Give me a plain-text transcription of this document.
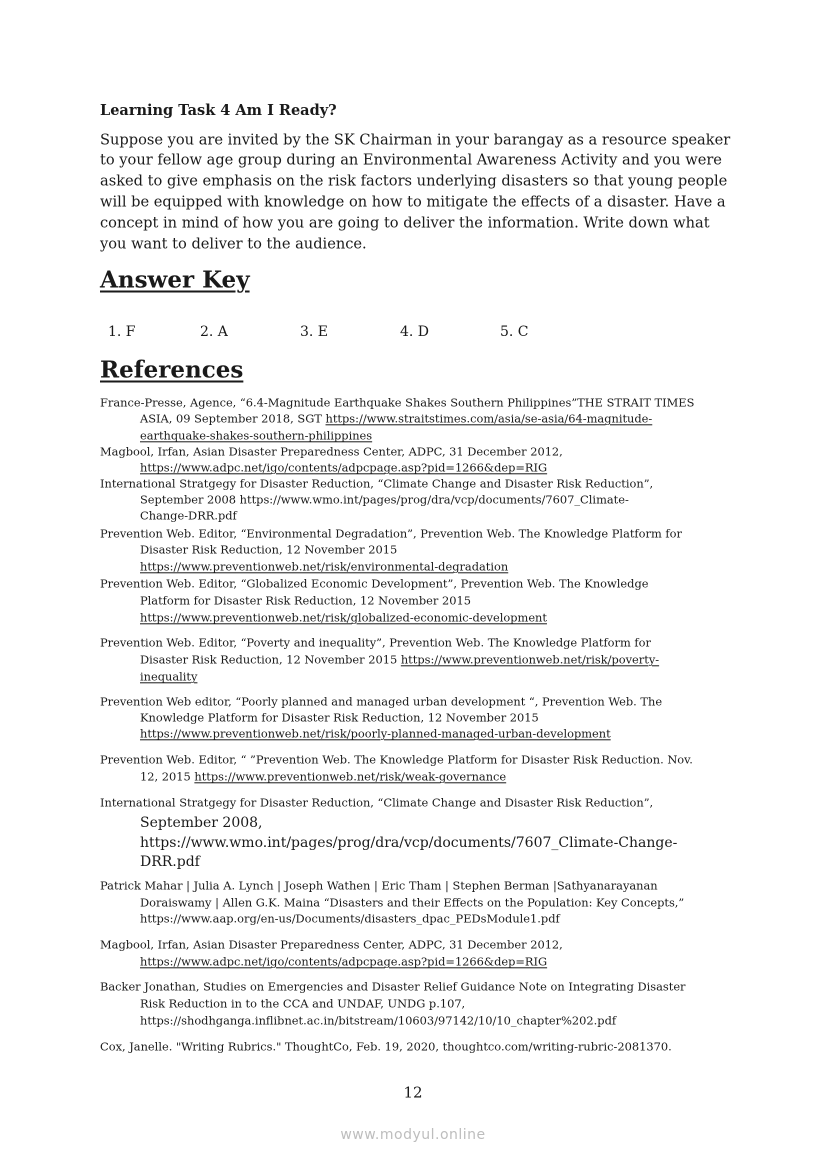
Learning Task 4 Am I Ready?
Suppose you are invited by the SK Chairman in your barangay as a resource speaker
to your fellow age group during an Environmental Awareness Activity and you were
asked to give emphasis on the risk factors underlying disasters so that young people
will be equipped with knowledge on how to mitigate the effects of a disaster. Have a
concept in mind of how you are going to deliver the information. Write down what
you want to deliver to the audience.
Answer Key
1. F	2. A	3. E	4. D	5. C
References
France-Presse, Agence, “6.4-Magnitude Earthquake Shakes Southern Philippines”THE STRAIT TIMES
ASIA, 09 September 2018, SGT https://www.straitstimes.com/asia/se-asia/64-magnitude-
earthquake-shakes-southern-philippines
Magbool, Irfan, Asian Disaster Preparedness Center, ADPC, 31 December 2012,
https://www.adpc.net/igo/contents/adpcpage.asp?pid=1266&dep=RIG
International Stratgegy for Disaster Reduction, “Climate Change and Disaster Risk Reduction”,
September 2008 https://www.wmo.int/pages/prog/dra/vcp/documents/7607_Climate-
Change-DRR.pdf
Prevention Web. Editor, “Environmental Degradation”, Prevention Web. The Knowledge Platform for
Disaster Risk Reduction, 12 November 2015
https://www.preventionweb.net/risk/environmental-degradation
Prevention Web. Editor, “Globalized Economic Development”, Prevention Web. The Knowledge
Platform for Disaster Risk Reduction, 12 November 2015
https://www.preventionweb.net/risk/globalized-economic-development
Prevention Web. Editor, “Poverty and inequality”, Prevention Web. The Knowledge Platform for
Disaster Risk Reduction, 12 November 2015 https://www.preventionweb.net/risk/poverty-
inequality
Prevention Web editor, “Poorly planned and managed urban development “, Prevention Web. The
Knowledge Platform for Disaster Risk Reduction, 12 November 2015
https://www.preventionweb.net/risk/poorly-planned-managed-urban-development
Prevention Web. Editor, “ ”Prevention Web. The Knowledge Platform for Disaster Risk Reduction. Nov.
12, 2015 https://www.preventionweb.net/risk/weak-governance
International Stratgegy for Disaster Reduction, “Climate Change and Disaster Risk Reduction”,
September 2008,
https://www.wmo.int/pages/prog/dra/vcp/documents/7607_Climate-Change-
DRR.pdf
Patrick Mahar | Julia A. Lynch | Joseph Wathen | Eric Tham | Stephen Berman |Sathyanarayanan
Doraiswamy | Allen G.K. Maina “Disasters and their Effects on the Population: Key Concepts,”
https://www.aap.org/en-us/Documents/disasters_dpac_PEDsModule1.pdf
Magbool, Irfan, Asian Disaster Preparedness Center, ADPC, 31 December 2012,
https://www.adpc.net/igo/contents/adpcpage.asp?pid=1266&dep=RIG
Backer Jonathan, Studies on Emergencies and Disaster Relief Guidance Note on Integrating Disaster
Risk Reduction in to the CCA and UNDAF, UNDG p.107,
https://shodhganga.inflibnet.ac.in/bitstream/10603/97142/10/10_chapter%202.pdf
Cox, Janelle. "Writing Rubrics." ThoughtCo, Feb. 19, 2020, thoughtco.com/writing-rubric-2081370.
12
www.modyul.online
